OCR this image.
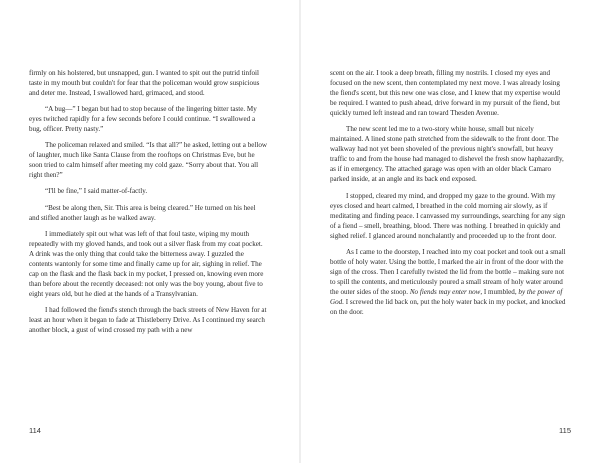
firmly on his holstered, but unsnapped, gun. I wanted to spit out the putrid tinfoil taste in my mouth but couldn't for fear that the policeman would grow suspicious and deter me. Instead, I swallowed hard, grimaced, and stood.

“A bug—” I began but had to stop because of the lingering bitter taste. My eyes twitched rapidly for a few seconds before I could continue. “I swallowed a bug, officer. Pretty nasty.”

The policeman relaxed and smiled. “Is that all?” he asked, letting out a bellow of laughter, much like Santa Clause from the rooftops on Christmas Eve, but he soon tried to calm himself after meeting my cold gaze. “Sorry about that. You all right then?”

“I'll be fine,” I said matter-of-factly.

“Best be along then, Sir. This area is being cleared.” He turned on his heel and stifled another laugh as he walked away.

I immediately spit out what was left of that foul taste, wiping my mouth repeatedly with my gloved hands, and took out a silver flask from my coat pocket. A drink was the only thing that could take the bitterness away. I guzzled the contents wantonly for some time and finally came up for air, sighing in relief. The cap on the flask and the flask back in my pocket, I pressed on, knowing even more than before about the recently deceased: not only was the boy young, about five to eight years old, but he died at the hands of a Transylvanian.

I had followed the fiend's stench through the back streets of New Haven for at least an hour when it began to fade at Thistleberry Drive. As I continued my search another block, a gust of wind crossed my path with a new

114	115

scent on the air. I took a deep breath, filling my nostrils. I closed my eyes and focused on the new scent, then contemplated my next move. I was already losing the fiend's scent, but this new one was close, and I knew that my expertise would be required. I wanted to push ahead, drive forward in my pursuit of the fiend, but quickly turned left instead and ran toward Thesden Avenue.

The new scent led me to a two-story white house, small but nicely maintained. A lined stone path stretched from the sidewalk to the front door. The walkway had not yet been shoveled of the previous night's snowfall, but heavy traffic to and from the house had managed to dishevel the fresh snow haphazardly, as if in emergency. The attached garage was open with an older black Camaro parked inside, at an angle and its back end exposed.

I stopped, cleared my mind, and dropped my gaze to the ground. With my eyes closed and heart calmed, I breathed in the cold morning air slowly, as if meditating and finding peace. I canvassed my surroundings, searching for any sign of a fiend – smell, breathing, blood. There was nothing. I breathed in quickly and sighed relief. I glanced around nonchalantly and proceeded up to the front door.

As I came to the doorstep, I reached into my coat pocket and took out a small bottle of holy water. Using the bottle, I marked the air in front of the door with the sign of the cross. Then I carefully twisted the lid from the bottle – making sure not to spill the contents, and meticulously poured a small stream of holy water around the outer sides of the stoop. No fiends may enter now, I mumbled, by the power of God. I screwed the lid back on, put the holy water back in my pocket, and knocked on the door.
